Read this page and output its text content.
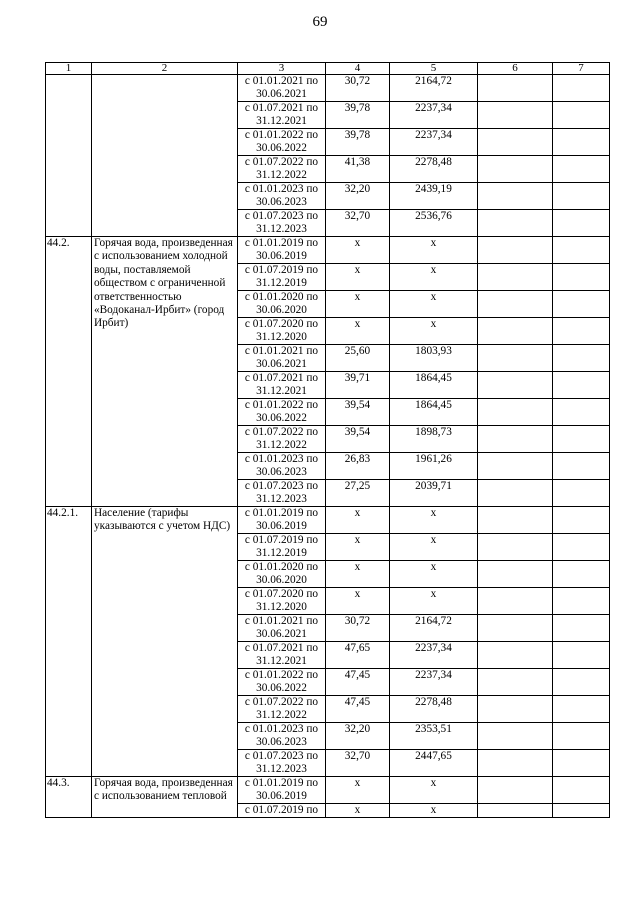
69
1	2	3	4	5	6	7
		с 01.01.2021 по 30.06.2021	30,72	2164,72		
		с 01.07.2021 по 31.12.2021	39,78	2237,34		
		с 01.01.2022 по 30.06.2022	39,78	2237,34		
		с 01.07.2022 по 31.12.2022	41,38	2278,48		
		с 01.01.2023 по 30.06.2023	32,20	2439,19		
		с 01.07.2023 по 31.12.2023	32,70	2536,76		
44.2.	Горячая вода, произведенная с использованием холодной воды, поставляемой обществом с ограниченной ответственностью «Водоканал-Ирбит» (город Ирбит)	с 01.01.2019 по 30.06.2019	х	х		
		с 01.07.2019 по 31.12.2019	х	х		
		с 01.01.2020 по 30.06.2020	х	х		
		с 01.07.2020 по 31.12.2020	х	х		
		с 01.01.2021 по 30.06.2021	25,60	1803,93		
		с 01.07.2021 по 31.12.2021	39,71	1864,45		
		с 01.01.2022 по 30.06.2022	39,54	1864,45		
		с 01.07.2022 по 31.12.2022	39,54	1898,73		
		с 01.01.2023 по 30.06.2023	26,83	1961,26		
		с 01.07.2023 по 31.12.2023	27,25	2039,71		
44.2.1.	Население (тарифы указываются с учетом НДС)	с 01.01.2019 по 30.06.2019	х	х		
		с 01.07.2019 по 31.12.2019	х	х		
		с 01.01.2020 по 30.06.2020	х	х		
		с 01.07.2020 по 31.12.2020	х	х		
		с 01.01.2021 по 30.06.2021	30,72	2164,72		
		с 01.07.2021 по 31.12.2021	47,65	2237,34		
		с 01.01.2022 по 30.06.2022	47,45	2237,34		
		с 01.07.2022 по 31.12.2022	47,45	2278,48		
		с 01.01.2023 по 30.06.2023	32,20	2353,51		
		с 01.07.2023 по 31.12.2023	32,70	2447,65		
44.3.	Горячая вода, произведенная с использованием тепловой	с 01.01.2019 по 30.06.2019	х	х		
		с 01.07.2019 по	х	х		
